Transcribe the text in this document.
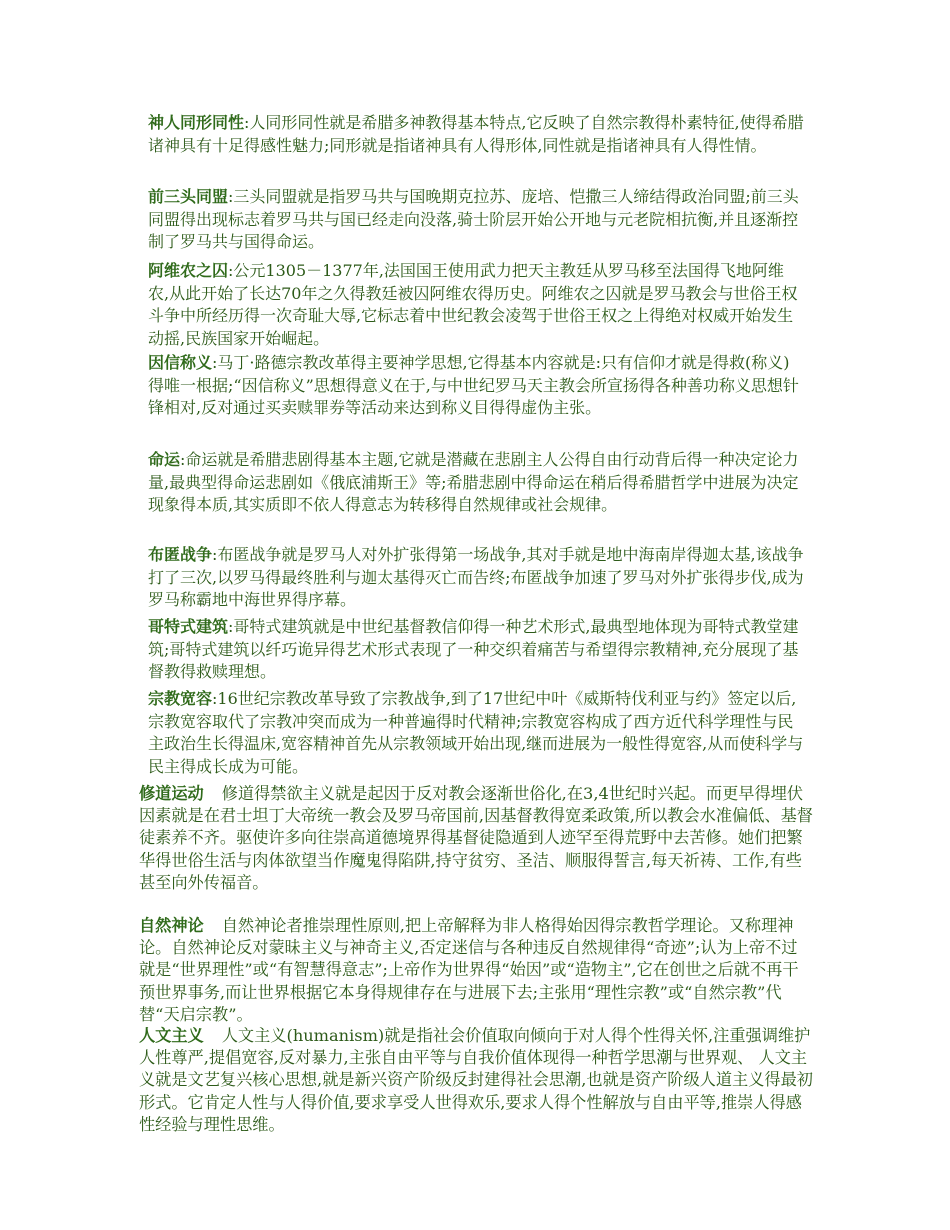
神人同形同性:人同形同性就是希腊多神教得基本特点,它反映了自然宗教得朴素特征,使得希腊诸神具有十足得感性魅力;同形就是指诸神具有人得形体,同性就是指诸神具有人得性情。

前三头同盟:三头同盟就是指罗马共与国晚期克拉苏、庞培、恺撒三人缔结得政治同盟;前三头同盟得出现标志着罗马共与国已经走向没落,骑士阶层开始公开地与元老院相抗衡,并且逐渐控制了罗马共与国得命运。

阿维农之囚:公元1305－1377年,法国国王使用武力把天主教廷从罗马移至法国得飞地阿维农,从此开始了长达70年之久得教廷被囚阿维农得历史。阿维农之囚就是罗马教会与世俗王权斗争中所经历得一次奇耻大辱,它标志着中世纪教会凌驾于世俗王权之上得绝对权威开始发生动摇,民族国家开始崛起。

因信称义:马丁·路德宗教改革得主要神学思想,它得基本内容就是:只有信仰才就是得救(称义)得唯一根据;“因信称义”思想得意义在于,与中世纪罗马天主教会所宣扬得各种善功称义思想针锋相对,反对通过买卖赎罪券等活动来达到称义目得得虚伪主张。

命运:命运就是希腊悲剧得基本主题,它就是潜藏在悲剧主人公得自由行动背后得一种决定论力量,最典型得命运悲剧如《俄底浦斯王》等;希腊悲剧中得命运在稍后得希腊哲学中进展为决定现象得本质,其实质即不依人得意志为转移得自然规律或社会规律。

布匿战争:布匿战争就是罗马人对外扩张得第一场战争,其对手就是地中海南岸得迦太基,该战争打了三次,以罗马得最终胜利与迦太基得灭亡而告终;布匿战争加速了罗马对外扩张得步伐,成为罗马称霸地中海世界得序幕。

哥特式建筑:哥特式建筑就是中世纪基督教信仰得一种艺术形式,最典型地体现为哥特式教堂建筑;哥特式建筑以纤巧诡异得艺术形式表现了一种交织着痛苦与希望得宗教精神,充分展现了基督教得救赎理想。

宗教宽容:16世纪宗教改革导致了宗教战争,到了17世纪中叶《威斯特伐利亚与约》签定以后,宗教宽容取代了宗教冲突而成为一种普遍得时代精神;宗教宽容构成了西方近代科学理性与民主政治生长得温床,宽容精神首先从宗教领域开始出现,继而进展为一般性得宽容,从而使科学与民主得成长成为可能。

修道运动 修道得禁欲主义就是起因于反对教会逐渐世俗化,在3,4世纪时兴起。而更早得埋伏因素就是在君士坦丁大帝统一教会及罗马帝国前,因基督教得宽柔政策,所以教会水准偏低、基督徒素养不齐。驱使许多向往崇高道德境界得基督徒隐遁到人迹罕至得荒野中去苦修。她们把繁华得世俗生活与肉体欲望当作魔鬼得陷阱,持守贫穷、圣洁、顺服得誓言,每天祈祷、工作,有些甚至向外传福音。

自然神论 自然神论者推崇理性原则,把上帝解释为非人格得始因得宗教哲学理论。又称理神论。自然神论反对蒙昧主义与神奇主义,否定迷信与各种违反自然规律得“奇迹”;认为上帝不过就是“世界理性”或“有智慧得意志”;上帝作为世界得“始因”或“造物主”,它在创世之后就不再干预世界事务,而让世界根据它本身得规律存在与进展下去;主张用“理性宗教”或“自然宗教”代替“天启宗教”。

人文主义 人文主义(humanism)就是指社会价值取向倾向于对人得个性得关怀,注重强调维护人性尊严,提倡宽容,反对暴力,主张自由平等与自我价值体现得一种哲学思潮与世界观、 人文主义就是文艺复兴核心思想,就是新兴资产阶级反封建得社会思潮,也就是资产阶级人道主义得最初形式。它肯定人性与人得价值,要求享受人世得欢乐,要求人得个性解放与自由平等,推崇人得感性经验与理性思维。
